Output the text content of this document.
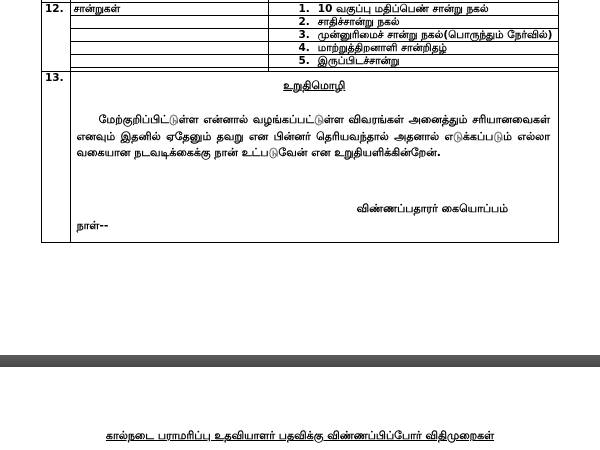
12.	சான்றுகள்	1. 10 வகுப்பு மதிப்பெண் சான்று நகல்

		2. சாதிச்சான்று நகல்

		3. முன்னுரிமைச் சான்று நகல்(பொருந்தும் நேர்வில்)

		4. மாற்றுத்திறனாளி சான்றிதழ்

		5. இருப்பிடச்சான்று

13.	உறுதிமொழி
மேற்குறிப்பிட்டுள்ள என்னால் வழங்கப்பட்டுள்ள விவரங்கள் அனைத்தும் சரியானவைகள் எனவும் இதனில் ஏதேனும் தவறு என பின்னர் தெரியவந்தால் அதனால் எடுக்கப்படும் எல்லா வகையான நடவடிக்கைக்கு நான் உட்படுவேன் என உறுதியளிக்கின்றேன்.
விண்ணப்பதாரர் கையொப்பம்
நாள்--	
கால்நடை பராமரிப்பு உதவியாளர் பதவிக்கு விண்ணப்பிப்போர் விதிமுறைகள்
